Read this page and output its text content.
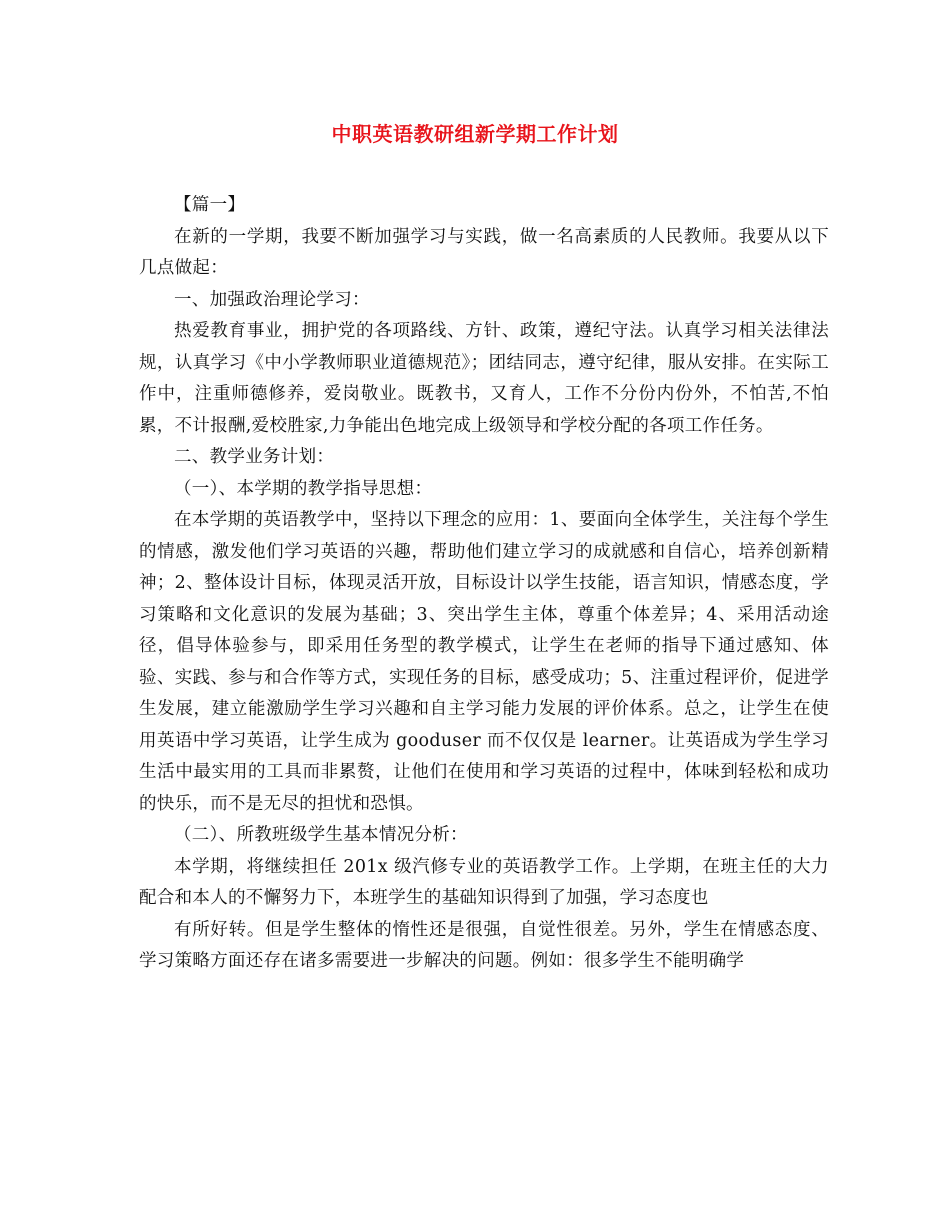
中职英语教研组新学期工作计划

【篇一】

在新的一学期，我要不断加强学习与实践，做一名高素质的人民教师。我要从以下几点做起：

一、加强政治理论学习：

热爱教育事业，拥护党的各项路线、方针、政策，遵纪守法。认真学习相关法律法规，认真学习《中小学教师职业道德规范》；团结同志，遵守纪律，服从安排。在实际工作中，注重师德修养，爱岗敬业。既教书，又育人，工作不分份内份外，不怕苦,不怕累，不计报酬,爱校胜家,力争能出色地完成上级领导和学校分配的各项工作任务。

二、教学业务计划：

（一）、本学期的教学指导思想：

在本学期的英语教学中，坚持以下理念的应用：1、要面向全体学生，关注每个学生的情感，激发他们学习英语的兴趣，帮助他们建立学习的成就感和自信心，培养创新精神；2、整体设计目标，体现灵活开放，目标设计以学生技能，语言知识，情感态度，学习策略和文化意识的发展为基础；3、突出学生主体，尊重个体差异；4、采用活动途径，倡导体验参与，即采用任务型的教学模式，让学生在老师的指导下通过感知、体验、实践、参与和合作等方式，实现任务的目标，感受成功；5、注重过程评价，促进学生发展，建立能激励学生学习兴趣和自主学习能力发展的评价体系。总之，让学生在使用英语中学习英语，让学生成为 gooduser 而不仅仅是 learner。让英语成为学生学习生活中最实用的工具而非累赘，让他们在使用和学习英语的过程中，体味到轻松和成功的快乐，而不是无尽的担忧和恐惧。

（二）、所教班级学生基本情况分析：

本学期，将继续担任 201x 级汽修专业的英语教学工作。上学期，在班主任的大力配合和本人的不懈努力下，本班学生的基础知识得到了加强，学习态度也

有所好转。但是学生整体的惰性还是很强，自觉性很差。另外，学生在情感态度、学习策略方面还存在诸多需要进一步解决的问题。例如：很多学生不能明确学
